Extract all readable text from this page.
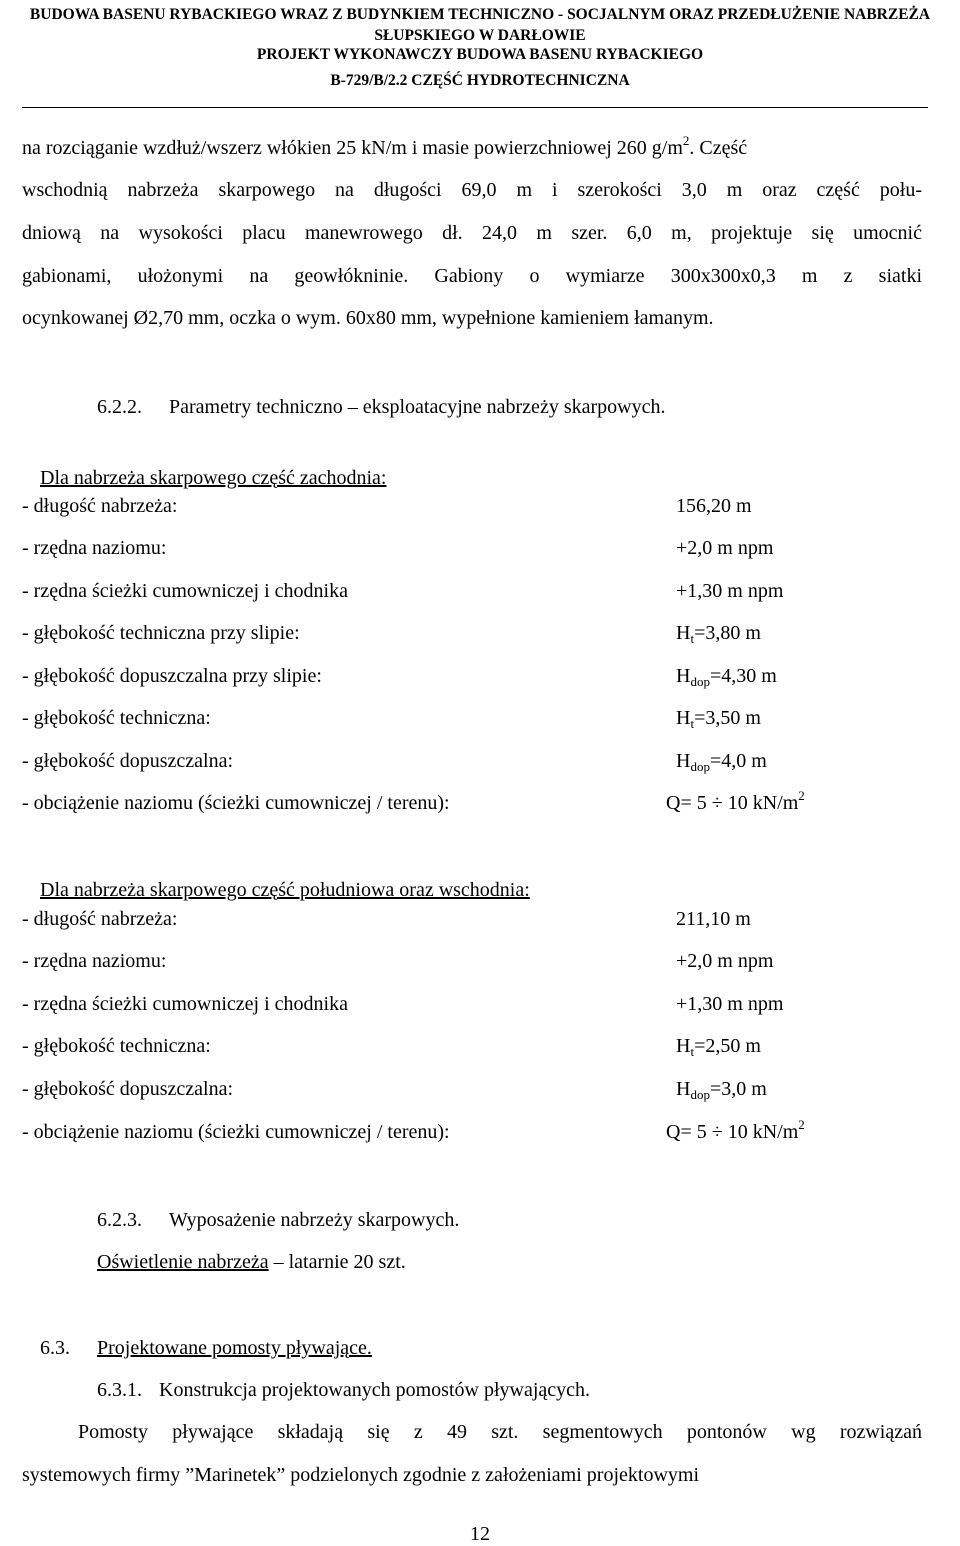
BUDOWA BASENU RYBACKIEGO WRAZ Z BUDYNKIEM TECHNICZNO - SOCJALNYM ORAZ PRZEDŁUŻENIE NABRZEŻA
SŁUPSKIEGO W DARŁOWIE
PROJEKT WYKONAWCZY BUDOWA BASENU RYBACKIEGO
B-729/B/2.2 CZĘŚĆ HYDROTECHNICZNA
na rozciąganie wzdłuż/wszerz włókien 25 kN/m i masie powierzchniowej 260 $g/m^2$. Część
wschodnią nabrzeża skarpowego na długości 69,0 m i szerokości 3,0 m oraz część połu-
dniową na wysokości placu manewrowego dł. 24,0 m szer. 6,0 m, projektuje się umocnić
gabionami, ułożonymi na geowłókninie. Gabiony o wymiarze 300x300x0,3 m z siatki
ocynkowanej Ø2,70 mm, oczka o wym. 60x80 mm, wypełnione kamieniem łamanym.
6.2.2. Parametry techniczno – eksploatacyjne nabrzeży skarpowych.
Dla nabrzeża skarpowego część zachodnia:
- długość nabrzeża:	156,20 m
- rzędna naziomu:	+2,0 m npm
- rzędna ścieżki cumowniczej i chodnika	+1,30 m npm
- głębokość techniczna przy slipie:	$H_t=3,80$ m
- głębokość dopuszczalna przy slipie:	$H_{dop}=4,30$ m
- głębokość techniczna:	$H_t=3,50$ m
- głębokość dopuszczalna:	$H_{dop}=4,0$ m
- obciążenie naziomu (ścieżki cumowniczej / terenu):	Q= 5 ÷ 10 $kN/m^2$
Dla nabrzeża skarpowego część południowa oraz wschodnia:
- długość nabrzeża:	211,10 m
- rzędna naziomu:	+2,0 m npm
- rzędna ścieżki cumowniczej i chodnika	+1,30 m npm
- głębokość techniczna:	$H_t=2,50$ m
- głębokość dopuszczalna:	$H_{dop}=3,0$ m
- obciążenie naziomu (ścieżki cumowniczej / terenu):	Q= 5 ÷ 10 $kN/m^2$
6.2.3. Wyposażenie nabrzeży skarpowych.
Oświetlenie nabrzeża – latarnie 20 szt.
6.3. Projektowane pomosty pływające.
6.3.1. Konstrukcja projektowanych pomostów pływających.
Pomosty pływające składają się z 49 szt. segmentowych pontonów wg rozwiązań
systemowych firmy ”Marinetek” podzielonych zgodnie z założeniami projektowymi
12
